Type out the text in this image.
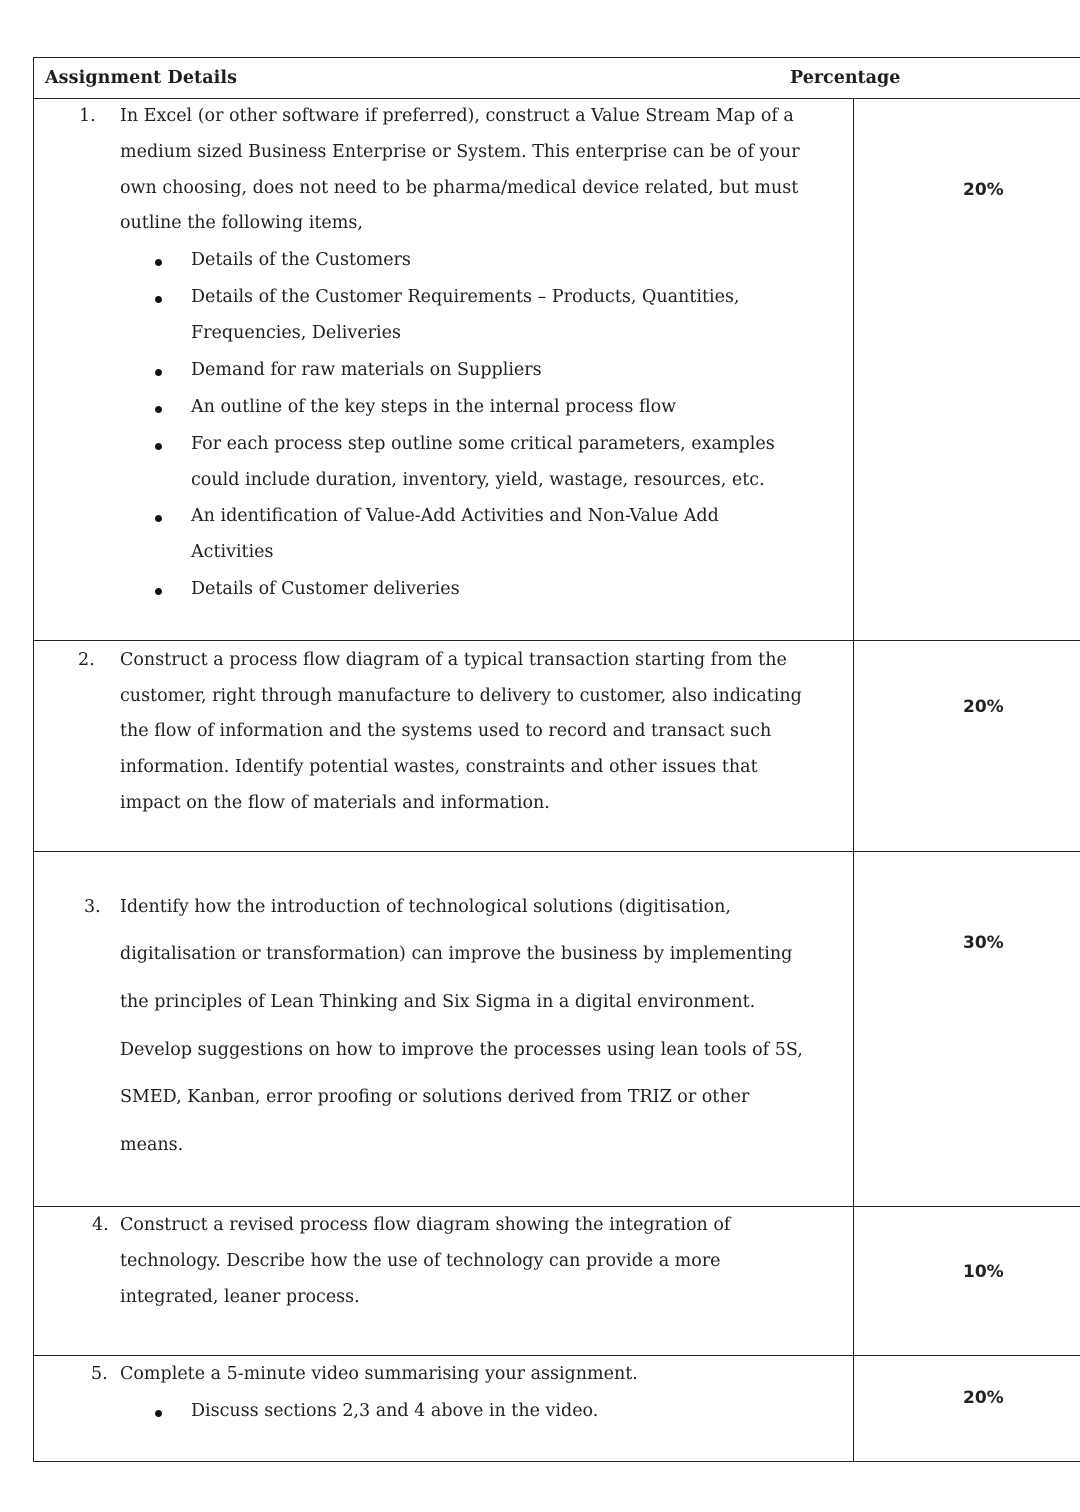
Assignment Details	Percentage
1. In Excel (or other software if preferred), construct a Value Stream Map of a
medium sized Business Enterprise or System. This enterprise can be of your
own choosing, does not need to be pharma/medical device related, but must
outline the following items,
Details of the Customers
Details of the Customer Requirements – Products, Quantities,
Frequencies, Deliveries
Demand for raw materials on Suppliers
An outline of the key steps in the internal process flow
For each process step outline some critical parameters, examples
could include duration, inventory, yield, wastage, resources, etc.
An identification of Value-Add Activities and Non-Value Add
Activities
Details of Customer deliveries
20%
2. Construct a process flow diagram of a typical transaction starting from the
customer, right through manufacture to delivery to customer, also indicating
the flow of information and the systems used to record and transact such
information. Identify potential wastes, constraints and other issues that
impact on the flow of materials and information.
20%
3. Identify how the introduction of technological solutions (digitisation,
digitalisation or transformation) can improve the business by implementing
the principles of Lean Thinking and Six Sigma in a digital environment.
Develop suggestions on how to improve the processes using lean tools of 5S,
SMED, Kanban, error proofing or solutions derived from TRIZ or other
means.
30%
4. Construct a revised process flow diagram showing the integration of
technology. Describe how the use of technology can provide a more
integrated, leaner process.
10%
5. Complete a 5-minute video summarising your assignment.
Discuss sections 2,3 and 4 above in the video.
20%
